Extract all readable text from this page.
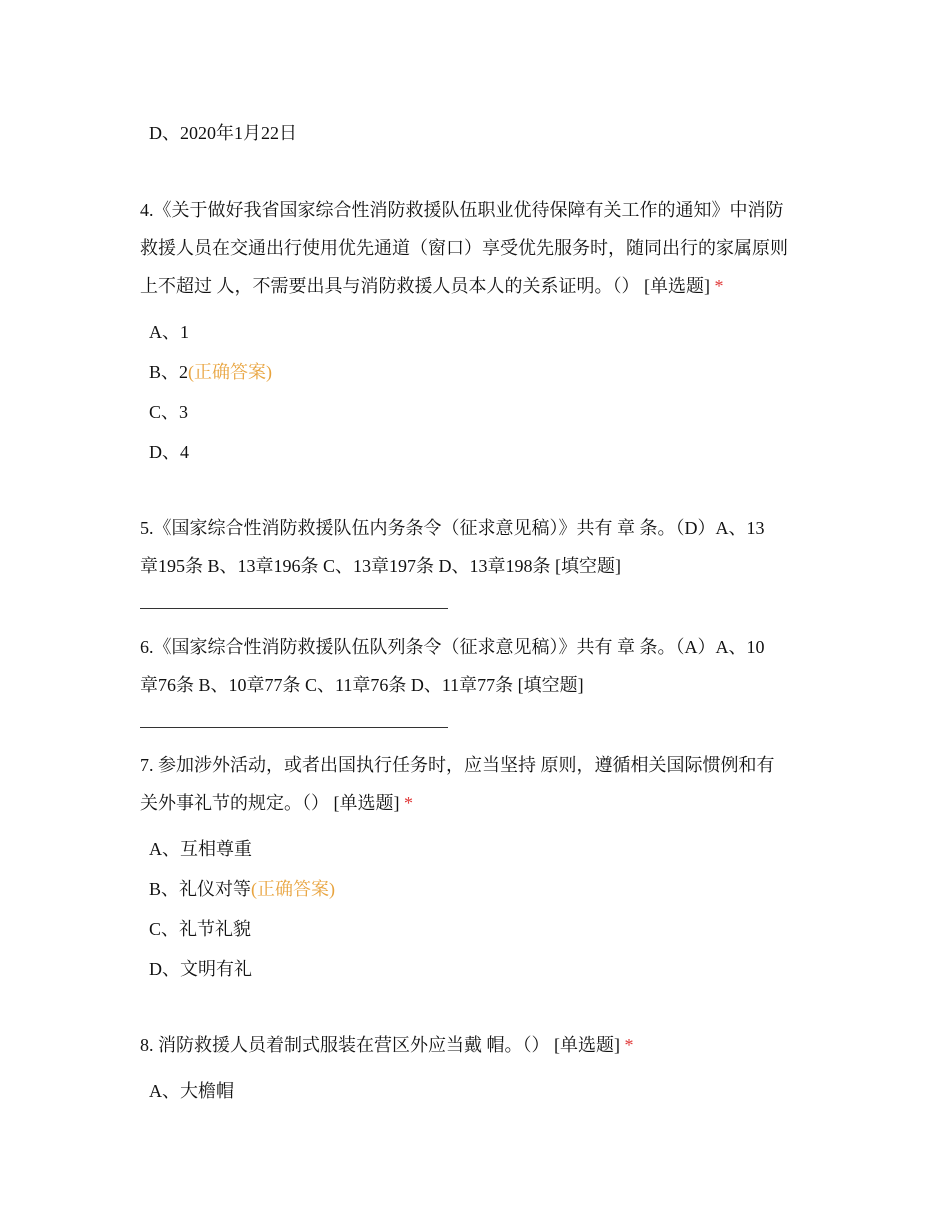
D、2020年1月22日
4.《关于做好我省国家综合性消防救援队伍职业优待保障有关工作的通知》中消防
救援人员在交通出行使用优先通道（窗口）享受优先服务时，随同出行的家属原则
上不超过 人，不需要出具与消防救援人员本人的关系证明。（） [单选题] *
A、1
B、2(正确答案)
C、3
D、4
5.《国家综合性消防救援队伍内务条令（征求意见稿）》共有 章 条。（D）A、13
章195条 B、13章196条 C、13章197条 D、13章198条 [填空题]
6.《国家综合性消防救援队伍队列条令（征求意见稿）》共有 章 条。（A）A、10
章76条 B、10章77条 C、11章76条 D、11章77条 [填空题]
7. 参加涉外活动，或者出国执行任务时，应当坚持 原则，遵循相关国际惯例和有
关外事礼节的规定。（） [单选题] *
A、互相尊重
B、礼仪对等(正确答案)
C、礼节礼貌
D、文明有礼
8. 消防救援人员着制式服装在营区外应当戴 帽。（） [单选题] *
A、大檐帽
